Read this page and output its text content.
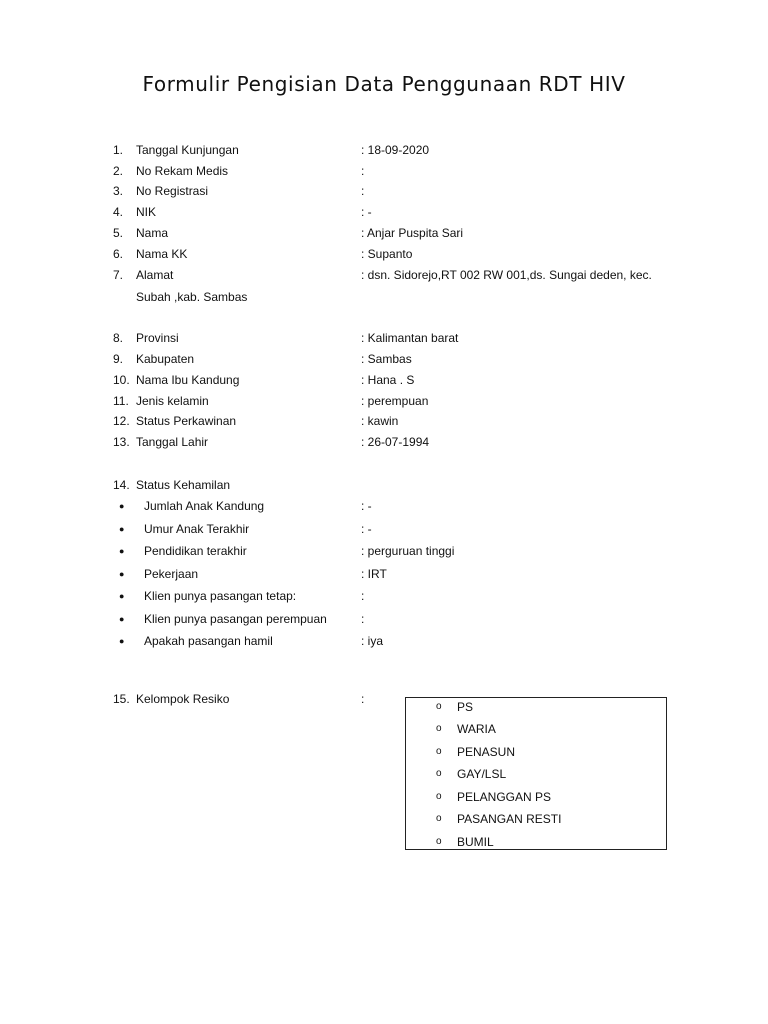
Formulir Pengisian Data Penggunaan RDT HIV
1. Tanggal Kunjungan	: 18-09-2020
2. No Rekam Medis	:
3. No Registrasi	:
4. NIK	: -
5. Nama	: Anjar Puspita Sari
6. Nama KK	: Supanto
7. Alamat	: dsn. Sidorejo,RT 002 RW 001,ds. Sungai deden, kec.
Subah ,kab. Sambas
8. Provinsi	: Kalimantan barat
9. Kabupaten	: Sambas
10. Nama Ibu Kandung	: Hana . S
11. Jenis kelamin	: perempuan
12. Status Perkawinan	: kawin
13. Tanggal Lahir	: 26-07-1994
14. Status Kehamilan
● Jumlah Anak Kandung	: -
● Umur Anak Terakhir	: -
● Pendidikan terakhir	: perguruan tinggi
● Pekerjaan	: IRT
● Klien punya pasangan tetap:	:
● Klien punya pasangan perempuan	:
● Apakah pasangan hamil	: iya
15. Kelompok Resiko	:
o PS
o WARIA
o PENASUN
o GAY/LSL
o PELANGGAN PS
o PASANGAN RESTI
o BUMIL
